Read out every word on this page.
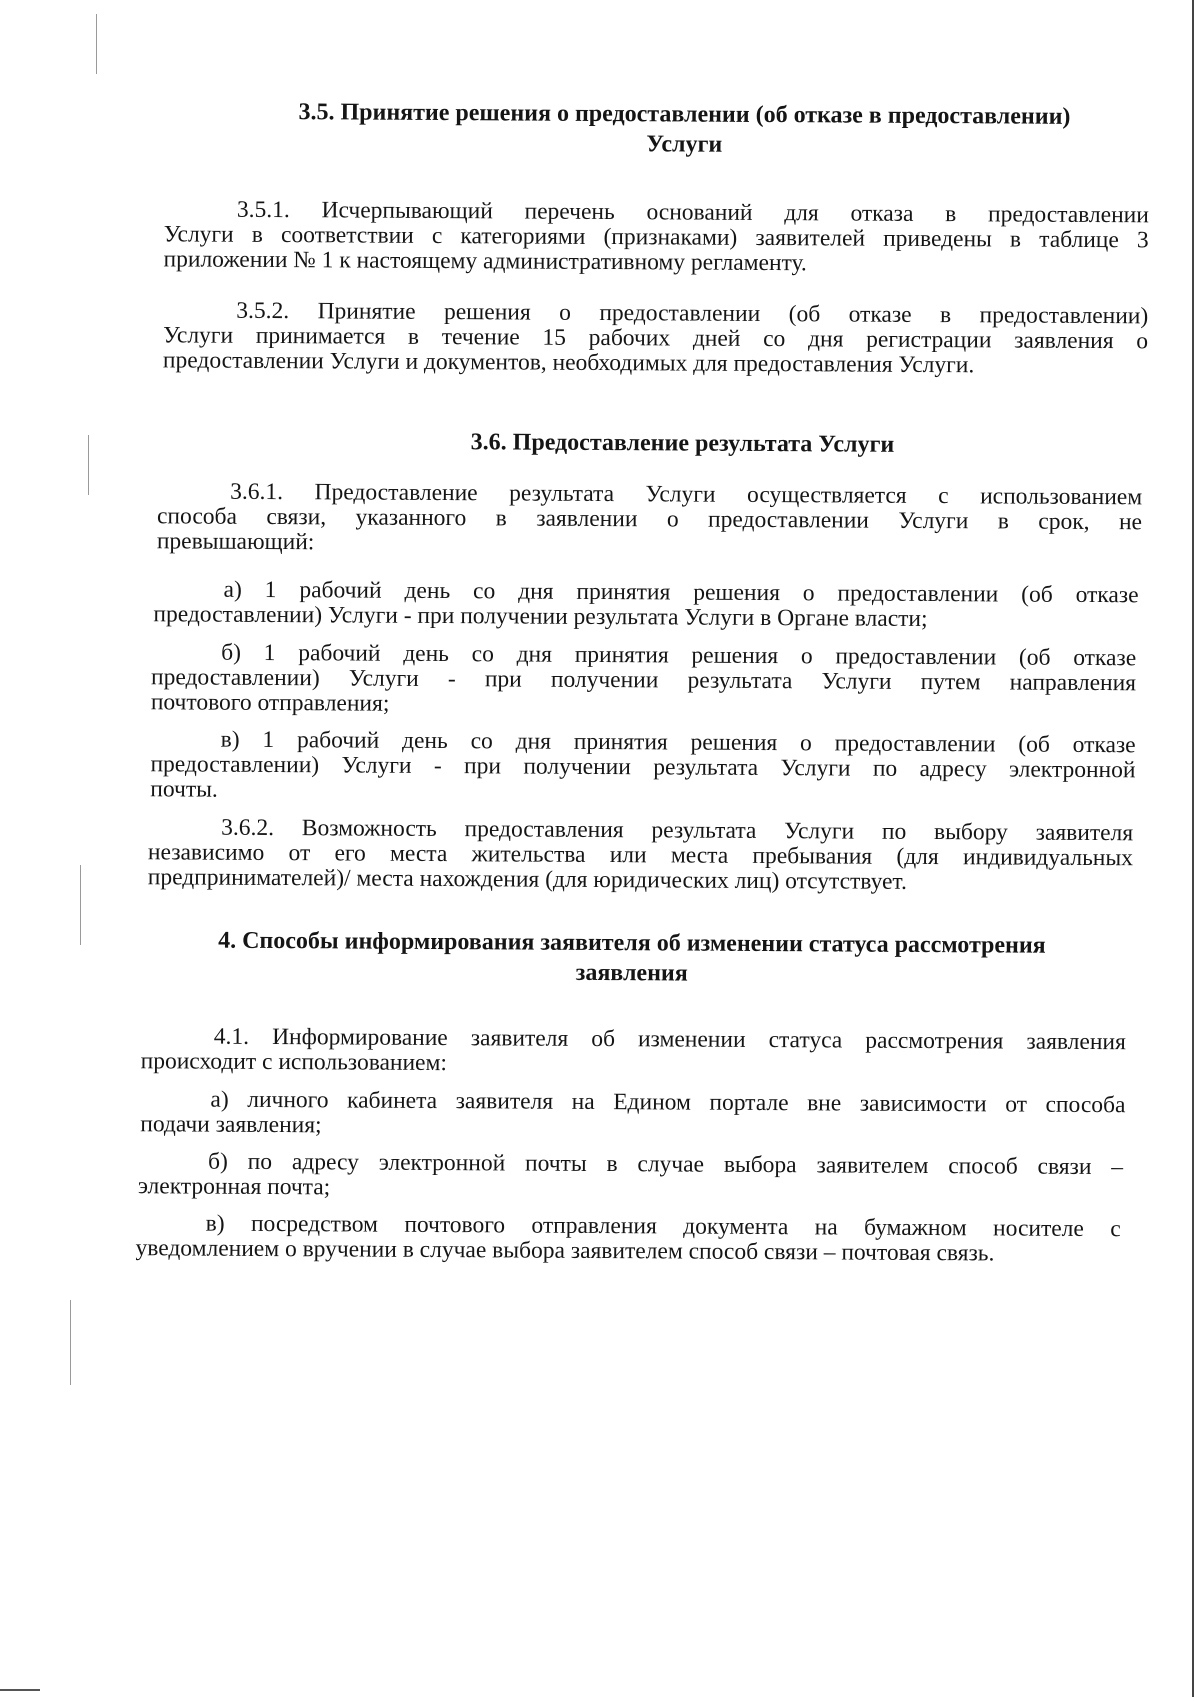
3.5. Принятие решения о предоставлении (об отказе в предоставлении)
Услуги
3.5.1. Исчерпывающий перечень оснований для отказа в предоставлении
Услуги в соответствии с категориями (признаками) заявителей приведены в таблице 3
приложении № 1 к настоящему административному регламенту.
3.5.2. Принятие решения о предоставлении (об отказе в предоставлении)
Услуги принимается в течение 15 рабочих дней со дня регистрации заявления о
предоставлении Услуги и документов, необходимых для предоставления Услуги.
3.6. Предоставление результата Услуги
3.6.1. Предоставление результата Услуги осуществляется с использованием
способа связи, указанного в заявлении о предоставлении Услуги в срок, не
превышающий:
а) 1 рабочий день со дня принятия решения о предоставлении (об отказе
предоставлении) Услуги - при получении результата Услуги в Органе власти;
б) 1 рабочий день со дня принятия решения о предоставлении (об отказе
предоставлении) Услуги - при получении результата Услуги путем направления
почтового отправления;
в) 1 рабочий день со дня принятия решения о предоставлении (об отказе
предоставлении) Услуги - при получении результата Услуги по адресу электронной
почты.
3.6.2. Возможность предоставления результата Услуги по выбору заявителя
независимо от его места жительства или места пребывания (для индивидуальных
предпринимателей)/ места нахождения (для юридических лиц) отсутствует.
4. Способы информирования заявителя об изменении статуса рассмотрения
заявления
4.1. Информирование заявителя об изменении статуса рассмотрения заявления
происходит с использованием:
а) личного кабинета заявителя на Едином портале вне зависимости от способа
подачи заявления;
б) по адресу электронной почты в случае выбора заявителем способ связи –
электронная почта;
в) посредством почтового отправления документа на бумажном носителе с
уведомлением о вручении в случае выбора заявителем способ связи – почтовая связь.
